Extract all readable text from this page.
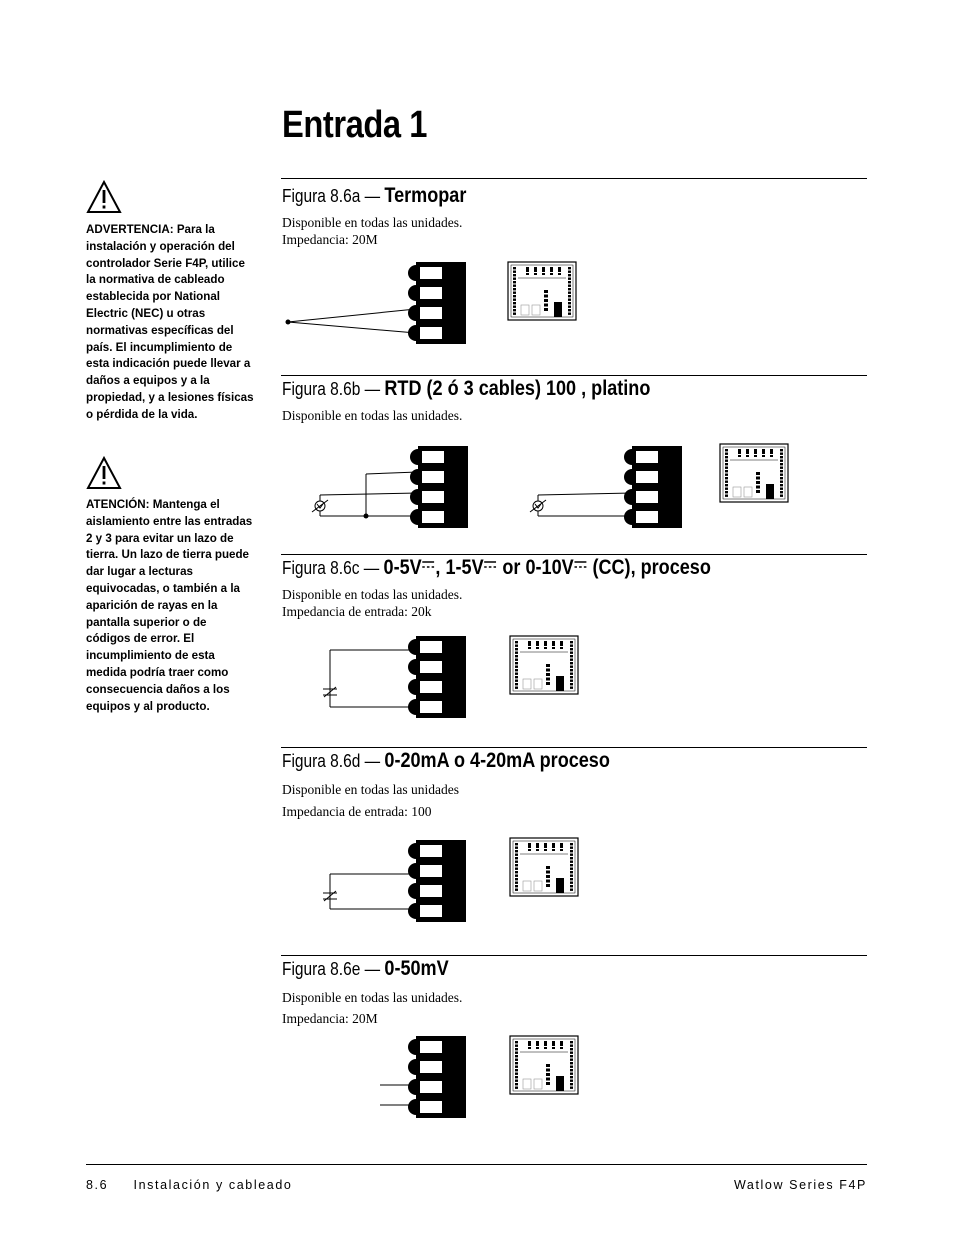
Entrada 1
ADVERTENCIA: Para la instalación y operación del controlador Serie F4P, utilice la normativa de cableado establecida por National Electric (NEC) u otras normativas específicas del país. El incumplimiento de esta indicación puede llevar a daños a equipos y a la propiedad, y a lesiones físicas o pérdida de la vida.
ATENCIÓN: Mantenga el aislamiento entre las entradas 2 y 3 para evitar un lazo de tierra. Un lazo de tierra puede dar lugar a lecturas equivocadas, o también a la aparición de rayas en la pantalla superior o de códigos de error. El incumplimiento de esta medida podría traer como consecuencia daños a los equipos y al producto.
Figura 8.6a — Termopar
Disponible en todas las unidades.
Impedancia: 20M
Figura 8.6b — RTD (2 ó 3 cables) 100 , platino
Disponible en todas las unidades.
Figura 8.6c — 0-5V , 1-5V or 0-10V (CC), proceso
Disponible en todas las unidades.
Impedancia de entrada: 20k
Figura 8.6d — 0-20mA o 4-20mA proceso
Disponible en todas las unidades
Impedancia de entrada: 100
Figura 8.6e — 0-50mV
Disponible en todas las unidades.
Impedancia: 20M
8.6     Instalación y cableado	Watlow Series F4P
